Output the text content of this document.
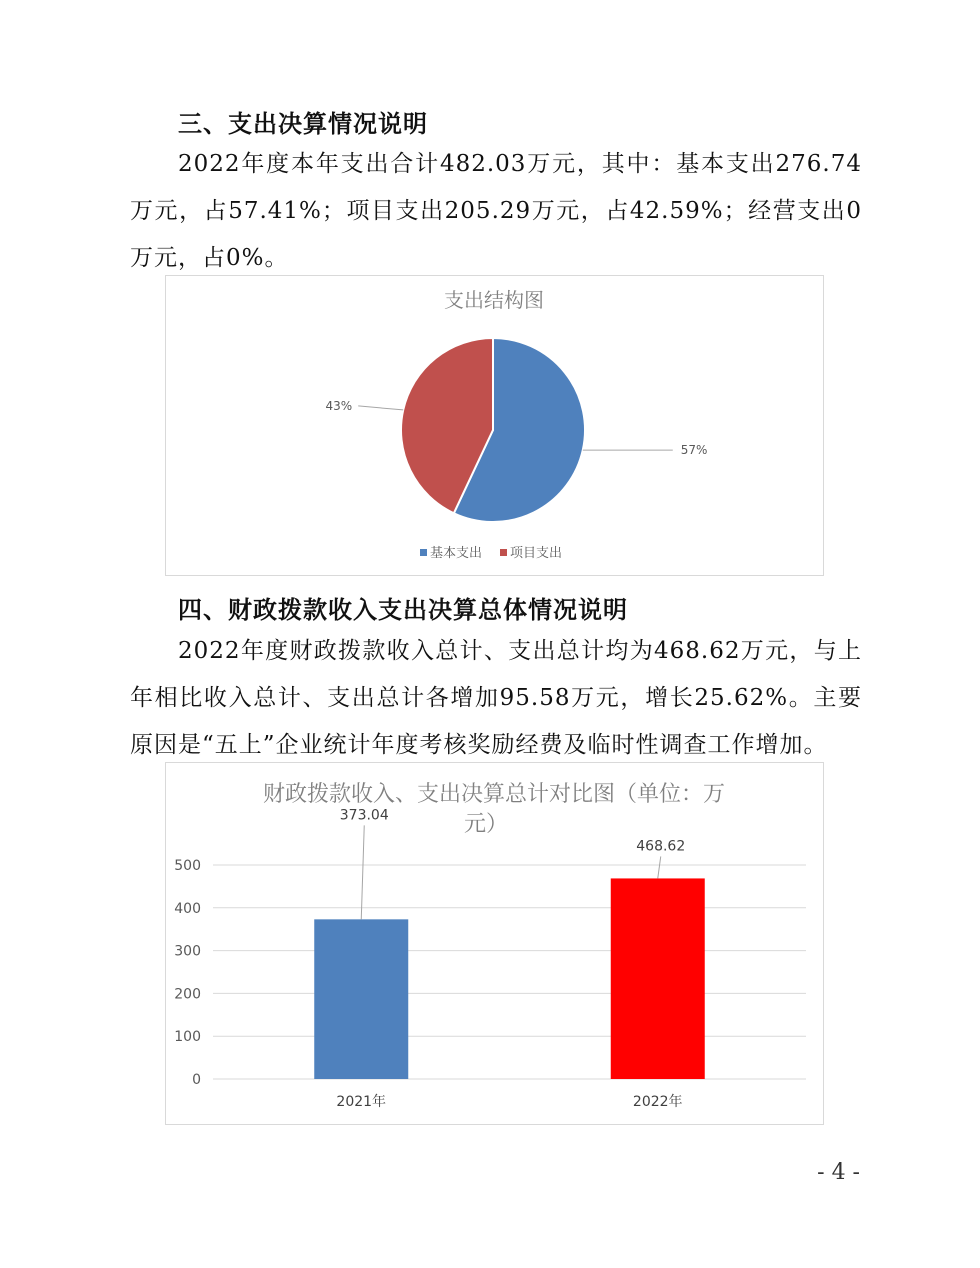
三、支出决算情况说明

2022年度本年支出合计482.03万元，其中：基本支出276.74万元，占57.41%；项目支出205.29万元，占42.59%；经营支出0万元，占0%。

支出结构图
57%
43%
基本支出 项目支出
四、财政拨款收入支出决算总体情况说明

2022年度财政拨款收入总计、支出总计均为468.62万元，与上年相比收入总计、支出总计各增加95.58万元，增长25.62%。主要原因是“五上”企业统计年度考核奖励经费及临时性调查工作增加。

财政拨款收入、支出决算总计对比图（单位：万
元）
0
100
200
300
400
500
373.04
2021年
468.62
2022年
- 4 -
